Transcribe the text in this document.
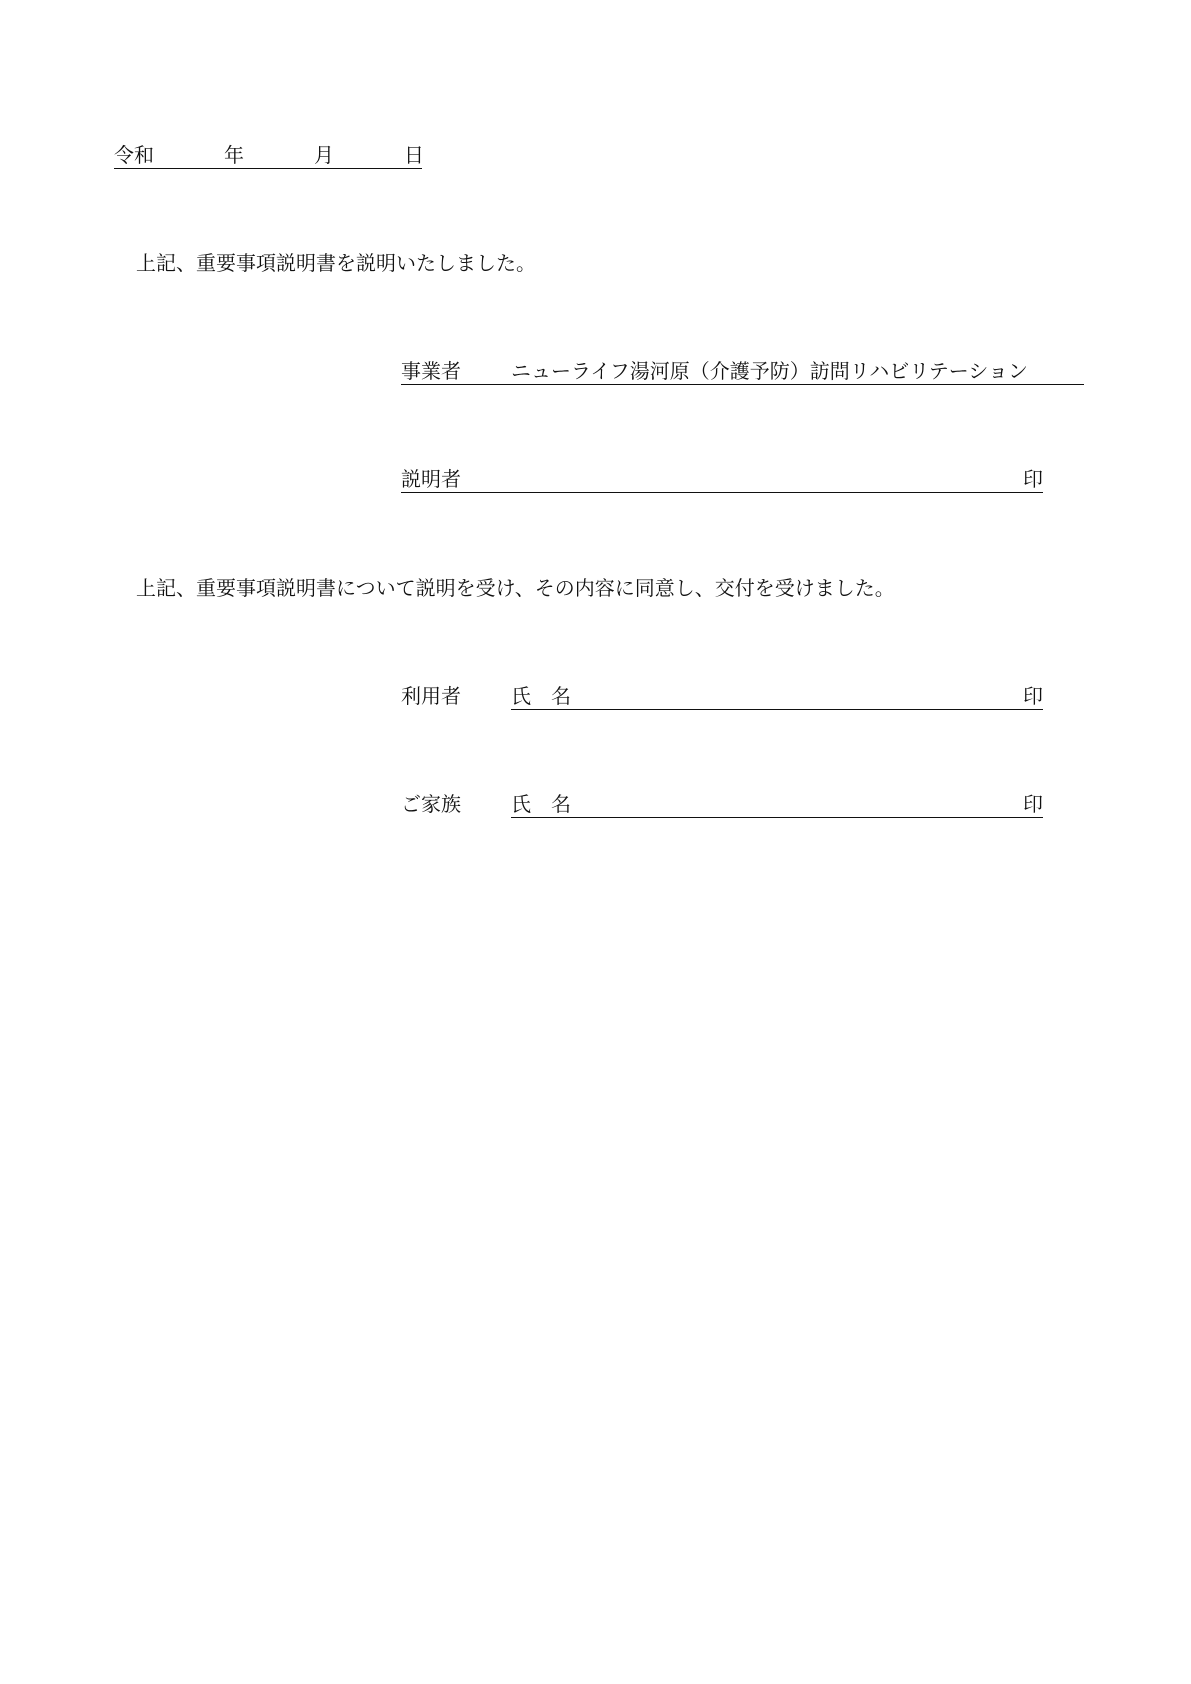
令和	年	月	日
上記、重要事項説明書を説明いたしました。
事業者	ニューライフ湯河原（介護予防）訪問リハビリテーション
説明者	印
上記、重要事項説明書について説明を受け、その内容に同意し、交付を受けました。
利用者	氏　名	印
ご家族	氏　名	印
